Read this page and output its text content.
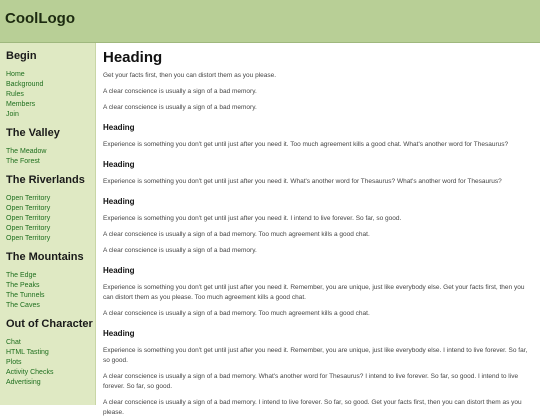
CoolLogo
Begin
Home
Background
Rules
Members
Join
The Valley
The Meadow
The Forest
The Riverlands
Open Territory
Open Territory
Open Territory
Open Territory
Open Territory
The Mountains
The Edge
The Peaks
The Tunnels
The Caves
Out of Character
Chat
HTML Tasting
Plots
Activity Checks
Advertising
Heading

Get your facts first, then you can distort them as you please.

A clear conscience is usually a sign of a bad memory.

A clear conscience is usually a sign of a bad memory.

Heading

Experience is something you don't get until just after you need it. Too much agreement kills a good chat. What's another word for Thesaurus?

Heading

Experience is something you don't get until just after you need it. What's another word for Thesaurus? What's another word for Thesaurus?

Heading

Experience is something you don't get until just after you need it. I intend to live forever. So far, so good.

A clear conscience is usually a sign of a bad memory. Too much agreement kills a good chat.

A clear conscience is usually a sign of a bad memory.

Heading

Experience is something you don't get until just after you need it. Remember, you are unique, just like everybody else. Get your facts first, then you can distort them as you please. Too much agreement kills a good chat.

A clear conscience is usually a sign of a bad memory. Too much agreement kills a good chat.

Heading

Experience is something you don't get until just after you need it. Remember, you are unique, just like everybody else. I intend to live forever. So far, so good.

A clear conscience is usually a sign of a bad memory. What's another word for Thesaurus? I intend to live forever. So far, so good. I intend to live forever. So far, so good.

A clear conscience is usually a sign of a bad memory. I intend to live forever. So far, so good. Get your facts first, then you can distort them as you please.
